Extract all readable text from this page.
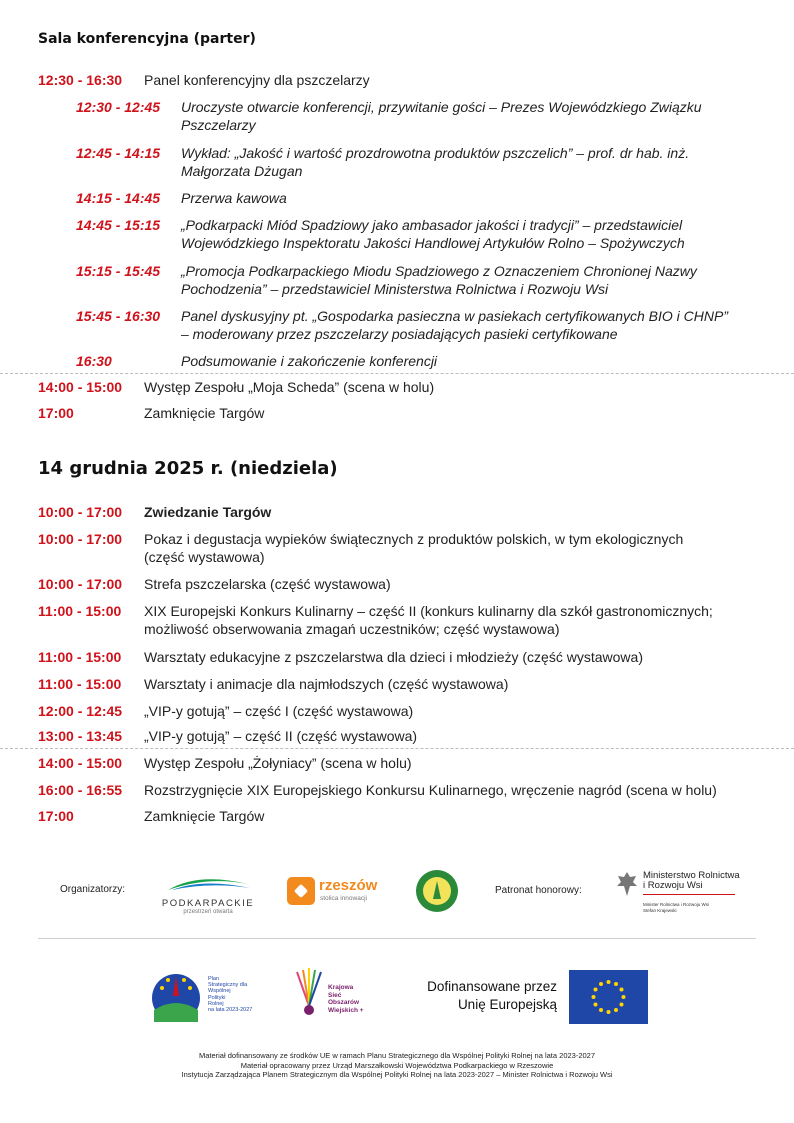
Sala konferencyjna (parter)
12:30 - 16:30	Panel konferencyjny dla pszczelarzy
12:30 - 12:45	Uroczyste otwarcie konferencji, przywitanie gości – Prezes Wojewódzkiego Związku
Pszczelarzy
12:45 - 14:15	Wykład: „Jakość i wartość prozdrowotna produktów pszczelich” – prof. dr hab. inż.
Małgorzata Dżugan
14:15 - 14:45	Przerwa kawowa
14:45 - 15:15	„Podkarpacki Miód Spadziowy jako ambasador jakości i tradycji” – przedstawiciel
Wojewódzkiego Inspektoratu Jakości Handlowej Artykułów Rolno – Spożywczych
15:15 - 15:45	„Promocja Podkarpackiego Miodu Spadziowego z Oznaczeniem Chronionej Nazwy
Pochodzenia” – przedstawiciel Ministerstwa Rolnictwa i Rozwoju Wsi
15:45 - 16:30	Panel dyskusyjny pt. „Gospodarka pasieczna w pasiekach certyfikowanych BIO i CHNP”
– moderowany przez pszczelarzy posiadających pasieki certyfikowane
16:30	Podsumowanie i zakończenie konferencji
14:00 - 15:00	Występ Zespołu „Moja Scheda” (scena w holu)
17:00	Zamknięcie Targów
14 grudnia 2025 r. (niedziela)
10:00 - 17:00	Zwiedzanie Targów
10:00 - 17:00	Pokaz i degustacja wypieków świątecznych z produktów polskich, w tym ekologicznych
(część wystawowa)
10:00 - 17:00	Strefa pszczelarska (część wystawowa)
11:00 - 15:00	XIX Europejski Konkurs Kulinarny – część II (konkurs kulinarny dla szkół gastronomicznych;
możliwość obserwowania zmagań uczestników; część wystawowa)
11:00 - 15:00	Warsztaty edukacyjne z pszczelarstwa dla dzieci i młodzieży (część wystawowa)
11:00 - 15:00	Warsztaty i animacje dla najmłodszych (część wystawowa)
12:00 - 12:45	„VIP-y gotują” – część I (część wystawowa)
13:00 - 13:45	„VIP-y gotują” – część II (część wystawowa)
14:00 - 15:00	Występ Zespołu „Żołyniacy” (scena w holu)
16:00 - 16:55	Rozstrzygnięcie XIX Europejskiego Konkursu Kulinarnego, wręczenie nagród (scena w holu)
17:00	Zamknięcie Targów
Organizatorzy:
PODKARPACKIE
przestrzeń otwarta
rzeszów
stolica innowacji
Patronat honorowy:
Ministerstwo Rolnictwa
i Rozwoju Wsi
Minister Rolnictwa i Rozwoju Wsi
Stefan Krajewski
Plan
Strategiczny dla
Wspólnej
Polityki
Rolnej
na lata 2023-2027
Krajowa
Sieć
Obszarów
Wiejskich +
Dofinansowane przez
Unię Europejską
Materiał dofinansowany ze środków UE w ramach Planu Strategicznego dla Wspólnej Polityki Rolnej na lata 2023-2027
Materiał opracowany przez Urząd Marszałkowski Województwa Podkarpackiego w Rzeszowie
Instytucja Zarządzająca Planem Strategicznym dla Wspólnej Polityki Rolnej na lata 2023-2027 – Minister Rolnictwa i Rozwoju Wsi
